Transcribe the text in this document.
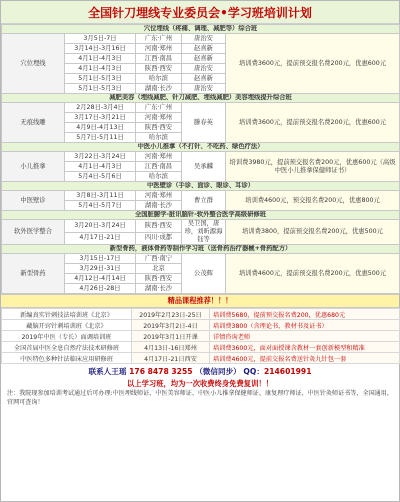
全国针刀埋线专业委员会•学习班培训计划
穴位埋线（疼痛、调理、减肥等）综合班				
穴位埋线	3月5日-7日	广东·广州	唐治安	培训费3600元，提前预交报名费200元，优惠600元
	3月14日-3月16日	河南·郑州	赵喜新	
	4月1日-4月3日	江西·南昌	赵喜新	
	4月1日-4月3日	陕西·西安	唐治安	
	5月1日-5月3日	哈尔滨	赵喜新	
	5月1日-5月3日	湖南·长沙	唐治安	
减肥美容（埋线减肥、针刀减肥、埋线减肥）美容埋线提升综合班				
无痕线雕	2月28日-3月4日	广东·广州	滕春英	培训费3600元，提前预交报名费200元，优惠600元
	3月17日-3月21日	河南·郑州		
	4月9日-4月13日	陕西·西安		
	5月7日-5月11日	哈尔滨		
中医小儿推拿（不打针、不吃药、绿色疗法）				
小儿推拿	3月22日-3月24日	河南·郑州	吴承麟	培训费3980元，提前预交报名费200元，优惠600元（高级中医小儿推拿保健师证书）
	4月1日-4月3日	江西·南昌		
	5月4日-5月6日	哈尔滨		
中医壁诊（手诊、面诊、眼诊、耳诊）				
中医壁诊	3月8日-3月11日	河南·郑州	曹立群	培训费4600元，预交报名费200元，优惠800元
	5月4日-5月7日	湖南·长沙		
全国脏腑学-脏讯脑针-软外整合医学高级研修班				
软外医学整合	3月20日-3月24日	陕西·西安	吴卫国，唐珍，刘昕源海钰等	培训费3800，提前预交报名费200元，优惠500元
	4月17日-21日	四川·成都		
新型骨药，液体骨药等制作学习班（送骨药治疗器械+骨药配方）				
新型骨药	3月15日-17日	广西·南宁	公茂辉	培训费4600元，提前预交报名费200元，优惠500元
	3月29日-31日	北京		
	4月12日-4月14日	陕西·西安		
	4月26日-28日	湖南·长沙		
精品课程推荐！！！
新编真实针刺技法培训班《北京》	2019年2月23日-25日	培训费5680，提前预交报名费200，优惠680元
藏脑开窍针刺培训班《北京》	2019年3月2日-4日	培训费3800（含理论书、教材书及证书）
2019年中医（专长）面调培训班	2019年3月1日开课	详情咨询老师
全国首届中医全息自然疗法技术研修班	4月13日-16日郑州	培训费3600元，面对面授课含教材一套创新模型和精准
中医特色多种针法临床应用研修班	4月17日-21日西安	培训费4600元，提前交报名费送针灸九针包一套
联系人王瑶 176 8478 3255 （微信同步） QQ：214601991
以上学习班，均为一次收费终身免费复训！！
注：我院现参加培训考试通过后可办理:中医埋线师证、中医美容师证、中医小儿推拿保健师证、康复理疗师证、中医针灸师证书等，全国通用，官网可查询！
